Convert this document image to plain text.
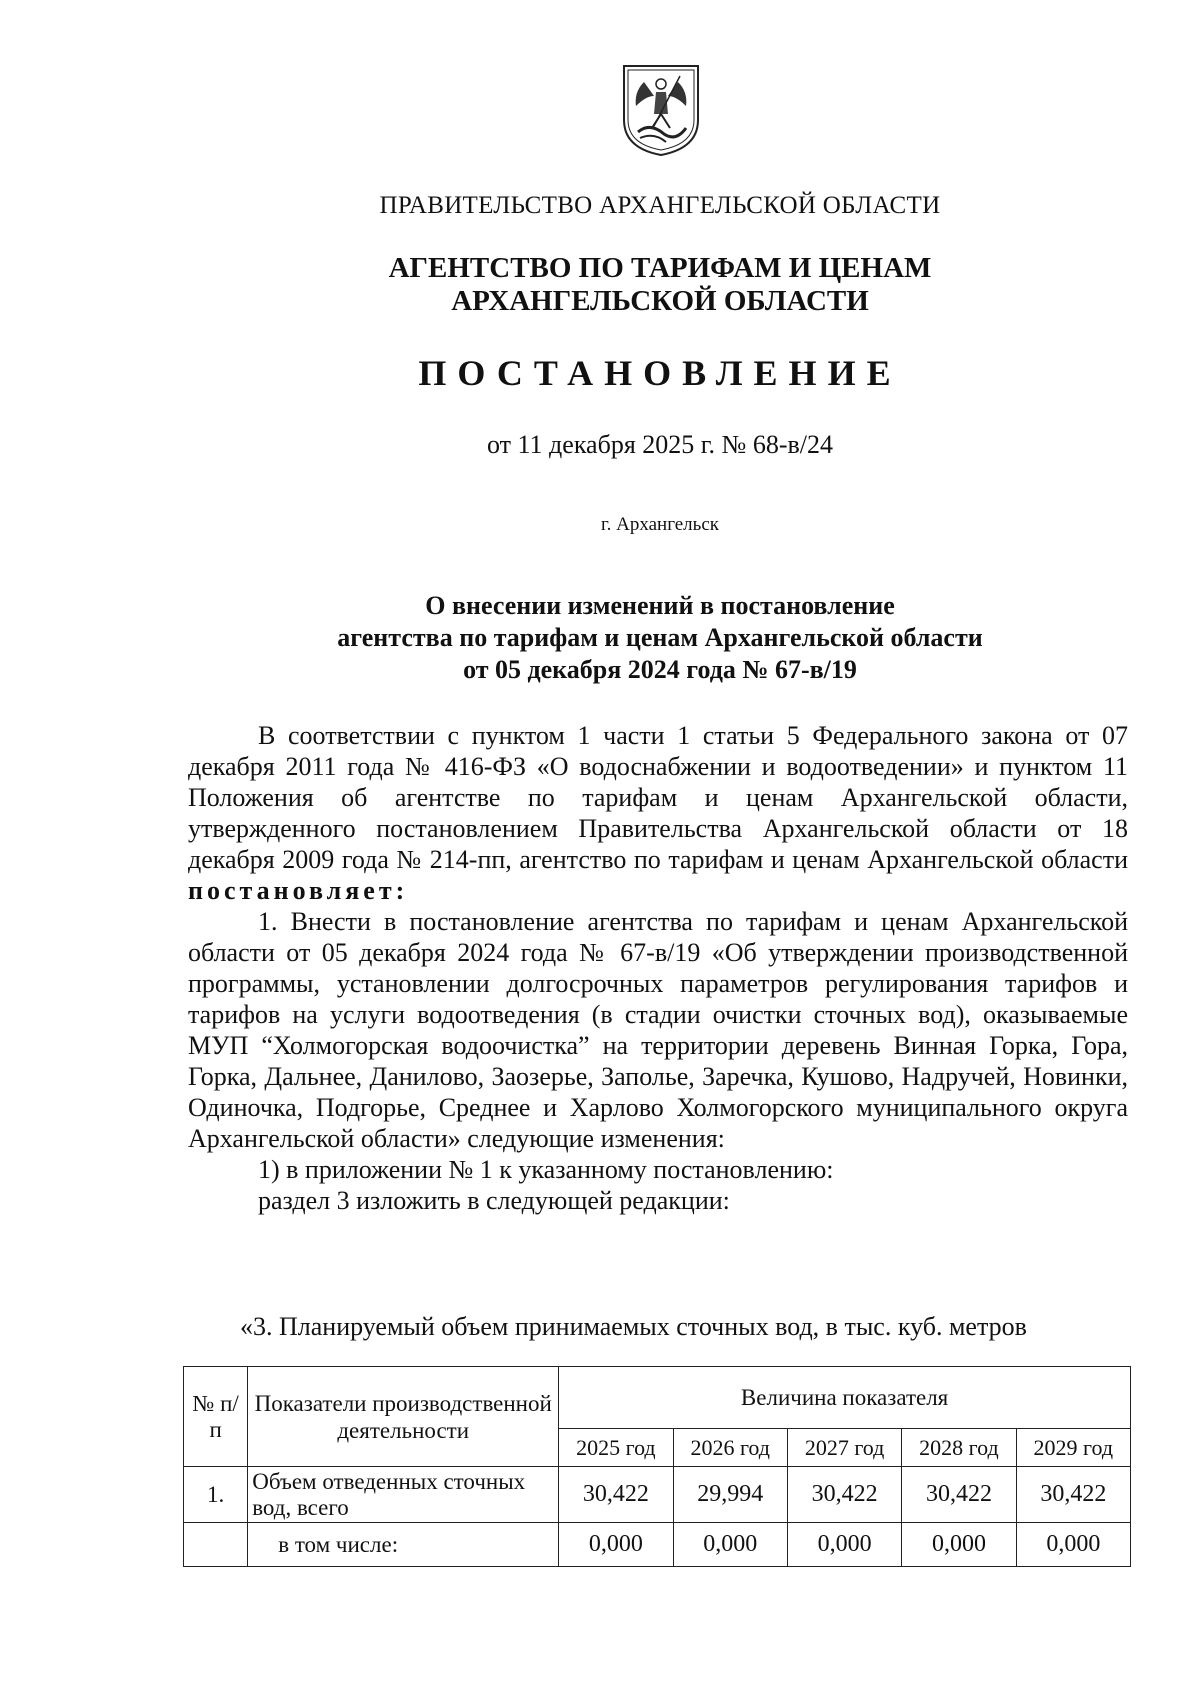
ПРАВИТЕЛЬСТВО АРХАНГЕЛЬСКОЙ ОБЛАСТИ
АГЕНТСТВО ПО ТАРИФАМ И ЦЕНАМ
АРХАНГЕЛЬСКОЙ ОБЛАСТИ
ПОСТАНОВЛЕНИЕ
от 11 декабря 2025 г. № 68-в/24
г. Архангельск
О внесении изменений в постановление
агентства по тарифам и ценам Архангельской области
от 05 декабря 2024 года № 67-в/19

В соответствии с пунктом 1 части 1 статьи 5 Федерального закона от 07 декабря 2011 года № 416-ФЗ «О водоснабжении и водоотведении» и пунктом 11 Положения об агентстве по тарифам и ценам Архангельской области, утвержденного постановлением Правительства Архангельской области от 18 декабря 2009 года № 214-пп, агентство по тарифам и ценам Архангельской области постановляет:

1. Внести в постановление агентства по тарифам и ценам Архангельской области от 05 декабря 2024 года № 67-в/19 «Об утверждении производственной программы, установлении долгосрочных параметров регулирования тарифов и тарифов на услуги водоотведения (в стадии очистки сточных вод), оказываемые МУП “Холмогорская водоочистка” на территории деревень Винная Горка, Гора, Горка, Дальнее, Данилово, Заозерье, Заполье, Заречка, Кушово, Надручей, Новинки, Одиночка, Подгорье, Среднее и Харлово Холмогорского муниципального округа Архангельской области» следующие изменения:

1) в приложении № 1 к указанному постановлению:

раздел 3 изложить в следующей редакции:

«3. Планируемый объем принимаемых сточных вод, в тыс. куб. метров
№ п/п	Показатели производственной деятельности	Величина показателя				
		2025 год	2026 год	2027 год	2028 год	2029 год
1.	Объем отведенных сточных вод, всего	30,422	29,994	30,422	30,422	30,422
	в том числе:	0,000	0,000	0,000	0,000	0,000
